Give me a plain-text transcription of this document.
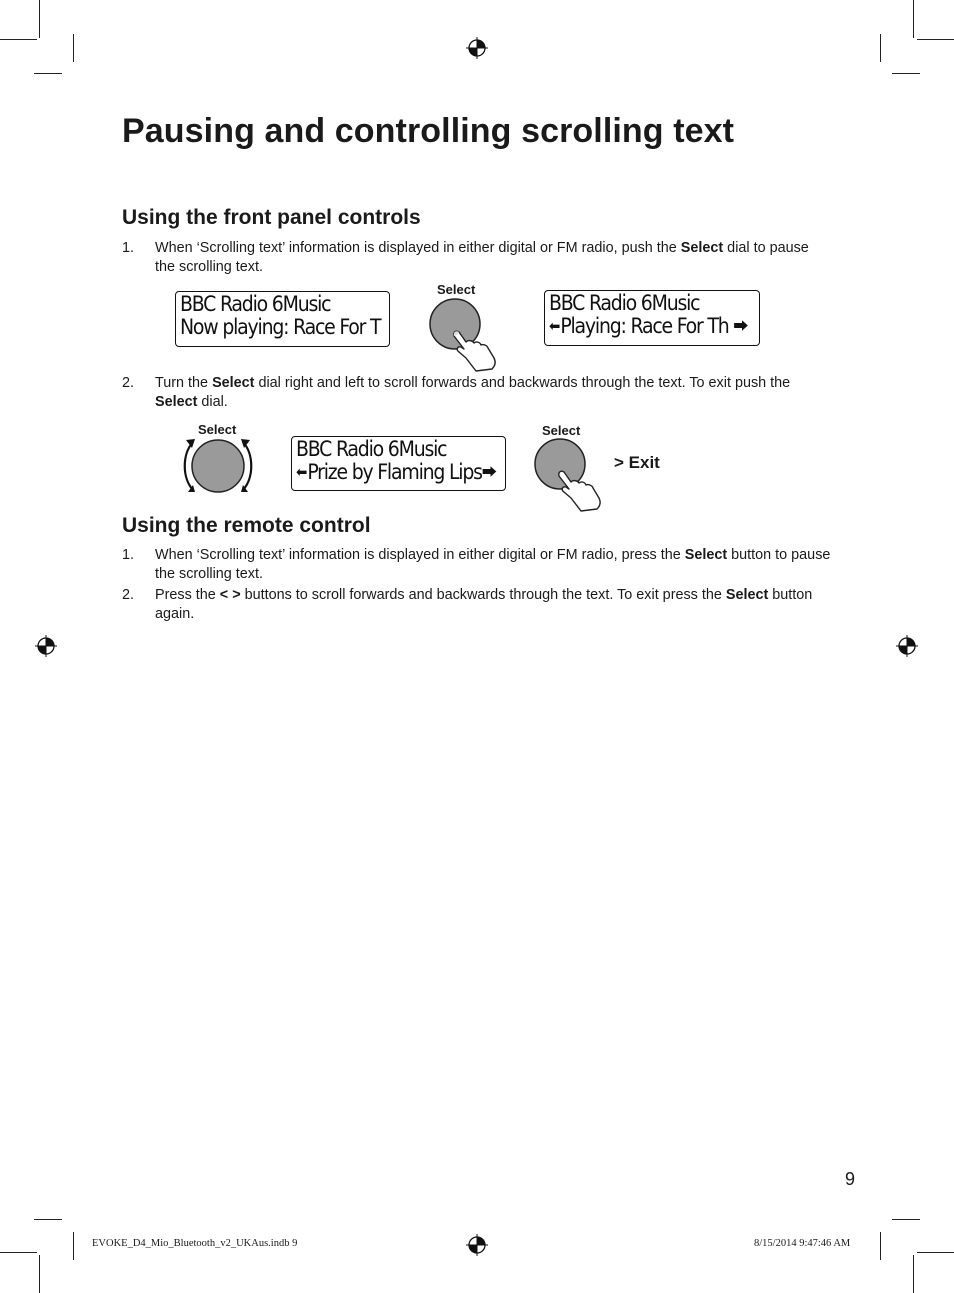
Pausing and controlling scrolling text
Using the front panel controls
1. When ‘Scrolling text’ information is displayed in either digital or FM radio, push the Select dial to pause the scrolling text.
BBC Radio 6Music
Now playing: Race For T
Select
BBC Radio 6Music
⬅Playing: Race For Th ⮕
2. Turn the Select dial right and left to scroll forwards and backwards through the text. To exit push the Select dial.
Select
BBC Radio 6Music
⬅Prize by Flaming Lips⮕
Select
> Exit
Using the remote control
1. When ‘Scrolling text’ information is displayed in either digital or FM radio, press the Select button to pause the scrolling text.
2. Press the < > buttons to scroll forwards and backwards through the text. To exit press the Select button again.
9
EVOKE_D4_Mio_Bluetooth_v2_UKAus.indb 9	8/15/2014 9:47:46 AM
